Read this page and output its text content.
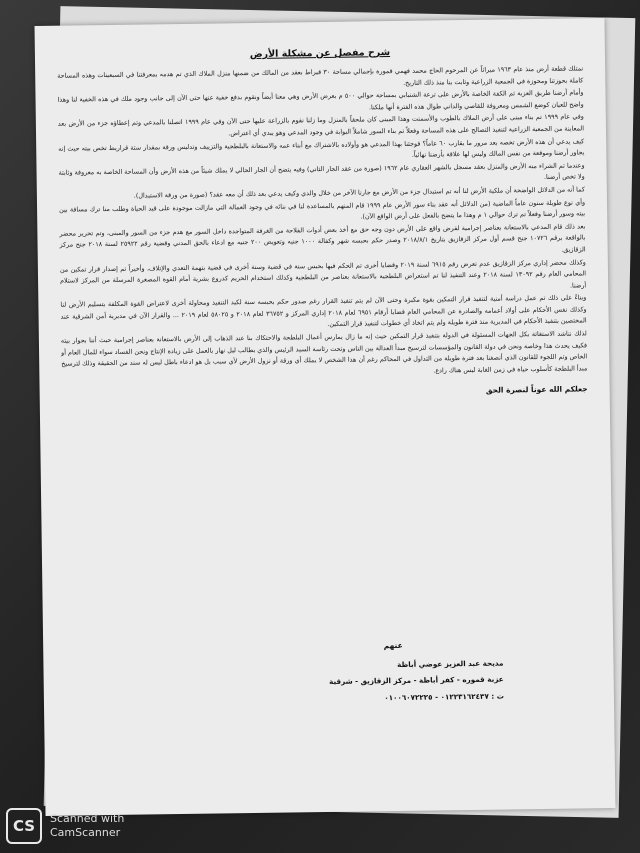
شرح مفصل عن مشكلة الأرض

نمتلك قطعة أرض منذ عام ١٩٦٣ ميراثاً عن المرحوم الحاج محمد فهمي قمورة بإجمالي مساحة ٣٠ قيراط بعقد من المالك من ضمنها منزل الملاك الذي تم هدمه بمعرفتنا في السبعينات وهذه المساحة كاملة بحوزتنا ومحوزة في الجمعية الزراعية وثابت بنا منذ ذلك التاريخ.

وأمام أرضنا طريق العزبة ثم الكفة الخاصة بالأرض على ترعة الشنبابي بمساحة حوالي ٥٠٠ م بعرض الأرض وهي معنا أيضاً ونقوم بدفع خفية عنها حتى الآن إلى جانب وجود ملك في هذه الخفية لنا وهذا واضح للعيان كوضع الشمس ومعروفة للقاصي والداني طوال هذه الفترة أنها ملكنا.

وفي عام ١٩٩٩ تم بناء مبنى على أرض الملاك بالطوب والأسمنت وهذا المبنى كان ملحقاً بالمنزل وما زلنا نقوم بالزراعة عليها حتى الآن وفي عام ١٩٩٩ اتصلنا بالمدعي وتم إعطاؤه جزء من الأرض بعد المعاينة من الجمعية الزراعية لتنفيذ التصالح على هذه المساحة وفعلاً تم بناء السور شاملاً البوابة في وجود المدعي وهو يبدي أي اعتراض.

كيف يدعي أن هذه الأرض تخصه بعد مرور ما يقارب ٦٠ عاماً؟ فوجئنا بهذا المدعي هو وأولاده بالاشتراك مع أبناء عمه والاستعانة بالبلطجية والتزييف وتدليس ورقة بمقدار ستة قراريط تخص بيته حيث إنه يجاور أرضنا وموقعة من نفس المالك وليس لها علاقة بأرضنا نهائياً.

وعندما تم الشراء منه الأرض والمنزل بعقد مسجل بالشهر العقاري عام ١٩٦٢ (صورة من عقد الجار الثاني) وفيه يتضح أن الجار الحالي لا يملك شيئاً من هذه الأرض وأن المساحة الخاصة به معروفة وثابتة ولا تخص أرضنا.

كما أنه من الدلائل الواضحة أن ملكية الأرض لنا أنه تم استبدال جزء من الأرض مع جارنا الآخر من خلال والدي وكيف يدعي بعد ذلك أن معه عقد؟ (صورة من ورقة الاستبدال).

وأي نوع طويلة سنون عاماً الماضية (من الدلائل أنه عقد بناء سور الأرض عام ١٩٩٩ قام المنهم بالمساعدة لنا في بنائه في وجود العمالة التي مازالت موجودة على قيد الحياة وطلب منا ترك مسافة بين بيته وسور أرضنا وفعلاً تم ترك حوالي ١ م وهذا ما يتضح بالفعل على أرض الواقع الآن).

بعد ذلك قام المدعي بالاستعانة بعناصر إجرامية لفرض واقع على الأرض دون وجه حق مع أخذ بعض أدوات الفلاحة من الغرفة المتواجدة داخل السور مع هدم جزء من السور والمبنى، وتم تحرير محضر بالواقعة برقم ١٠٧٢٦ جنح قسم أول مركز الزقازيق بتاريخ ٢٠١٨/٨/١ وصدر حكم بحبسه شهر وكفالة ١٠٠٠ جنيه وتعويض ٢٠٠ جنيه مع ادعاء بالحق المدني وقضية رقم ٢٥٩٢٢ لسنة ٢٠١٨ جنح مركز الزقازيق.

وكذلك محضر إداري مركز الزقازيق عدم تعرض رقم ٦٩١٥ لسنة ٢٠١٩ وقضايا أخرى تم الحكم فيها بحبس سنة في قضية وسنة أخرى في قضية بتهمة التعدي والإتلاف، وأخيراً تم إصدار قرار تمكين من المحامي العام رقم ١٣٠٩٢ لسنة ٢٠١٨ وعند التنفيذ لنا تم استعراض البلطجية بالاستعانة بعناصر من البلطجية وكذلك استخدام الحريم كدروع بشرية أمام القوة المصغرة المرسلة من المركز لاستلام أرضنا.

وبناءً على ذلك تم عمل دراسة أمنية لتنفيذ قرار التمكين بقوة مكبرة وحتى الآن لم يتم تنفيذ القرار رغم صدور حكم بحبسه سنة لكيد التنفيذ ومحاولة أخرى لاعتراض القوة المكلفة بتسليم الأرض لنا وكذلك نفس الأحكام على أولاد أعمامه والصادرة عن المحامي العام قضايا أرقام ٦٩٥١ لعام ٢٠١٨ إداري المركز و ٣٦٧٥٢ لعام ٢٠١٨ و ٥٨٠٢٥ لعام ٢٠١٩ ... والقرار الآن في مديرية أمن الشرقية عند المختصين بتنفيذ الأحكام في المديرية منذ فترة طويلة ولم يتم اتخاذ أي خطوات لتنفيذ قرار التمكين.

لذلك نناشد الاستغاثة بكل الجهات المسئولة في الدولة بتنفيذ قرار التمكين حيث إنه ما زال يمارس أعمال البلطجة والاحتكاك بنا عند الذهاب إلى الأرض بالاستعانة بعناصر إجرامية حيث أننا بجوار بيته فكيف يحدث هذا وخاصة ونحن في دولة القانون والمؤسسات لترسيخ مبدأ العدالة بين الناس وتحت رئاسة السيد الرئيس والذي يطالب ليل نهار بالعمل على زيادة الإنتاج ونحن الفساد سواء للمال العام أو الخاص وتم اللجوء للقانون الذي أنصفنا بعد فترة طويلة من التداول في المحاكم رغم أن هذا الشخص لا يملك أي ورقة أو نزول الأرض لأي سبب بل هو ادعاء باطل ليس له سند من الحقيقة وذلك لترسيخ مبدأ البلطجة كأسلوب حياة في زمن الغابة ليس هناك رادع.

جعلكم الله عوناً لنصرة الحق

عنهم
مديحة عبد العزيز عوضي أباظة
عزبة قموره - كفر أباظة - مركز الزقازيق - شرقية
ت : ٠١٢٢٣١٦٢٤٣٧ - ٠١٠٠٦٠٧٢٢٢٥
CS	Scanned with
CamScanner
